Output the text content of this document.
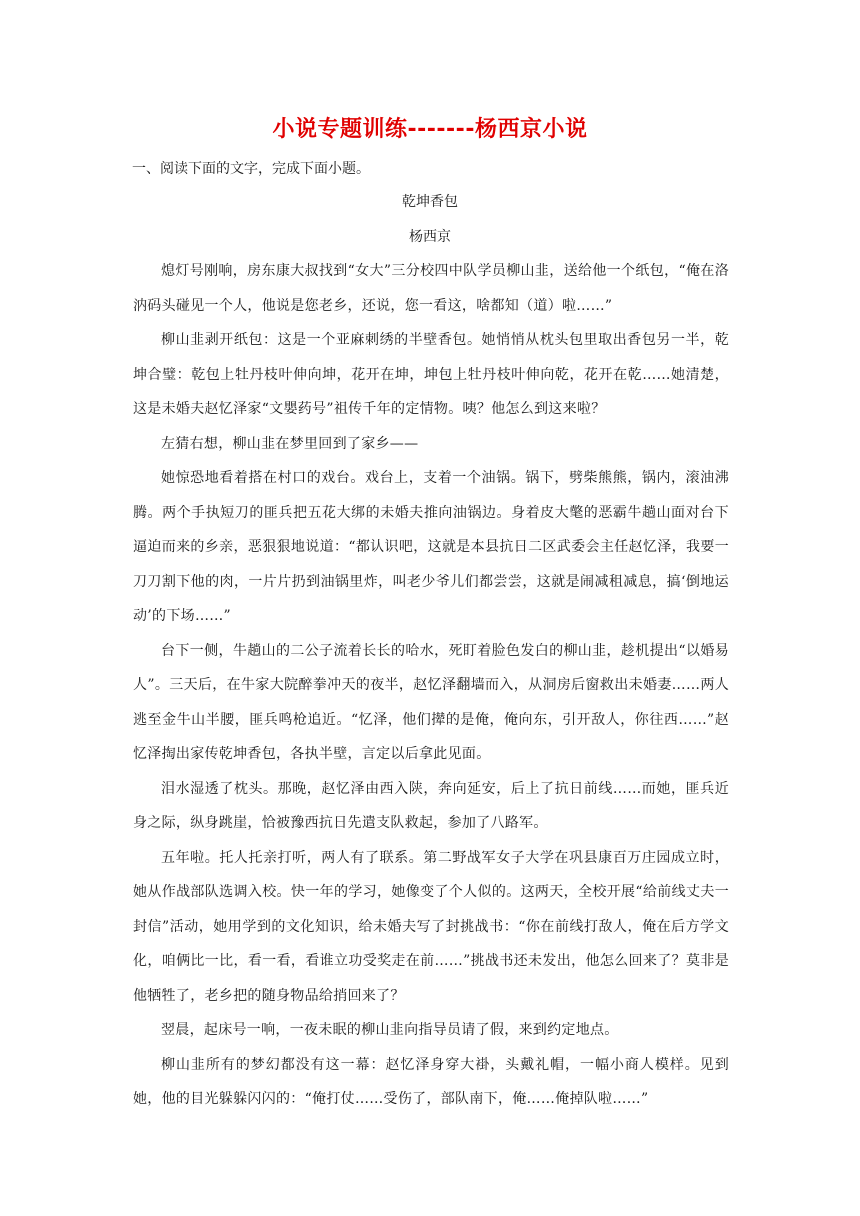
小说专题训练-------杨西京小说

一、阅读下面的文字，完成下面小题。

乾坤香包

杨西京

熄灯号刚响，房东康大叔找到“女大”三分校四中队学员柳山韭，送给他一个纸包，“俺在洛汭码头碰见一个人，他说是您老乡，还说，您一看这，啥都知（道）啦……”

柳山韭剥开纸包：这是一个亚麻刺绣的半壁香包。她悄悄从枕头包里取出香包另一半，乾坤合璧：乾包上牡丹枝叶伸向坤，花开在坤，坤包上牡丹枝叶伸向乾，花开在乾……她清楚，这是未婚夫赵忆泽家“文嬰药号”祖传千年的定情物。咦？他怎么到这来啦？

左猜右想，柳山韭在梦里回到了家乡——

她惊恐地看着搭在村口的戏台。戏台上，支着一个油锅。锅下，劈柴熊熊，锅内，滚油沸腾。两个手执短刀的匪兵把五花大绑的未婚夫推向油锅边。身着皮大氅的恶霸牛趟山面对台下逼迫而来的乡亲，恶狠狠地说道：“都认识吧，这就是本县抗日二区武委会主任赵忆泽，我要一刀刀割下他的肉，一片片扔到油锅里炸，叫老少爷儿们都尝尝，这就是闹减租减息，搞‘倒地运动’的下场……”

台下一侧，牛趟山的二公子流着长长的哈水，死盯着脸色发白的柳山韭，趁机提出“以婚易人”。三天后，在牛家大院醉拳冲天的夜半，赵忆泽翻墙而入，从洞房后窗救出未婚妻……两人逃至金牛山半腰，匪兵鸣枪追近。“忆泽，他们撵的是俺，俺向东，引开敌人，你往西……”赵忆泽掏出家传乾坤香包，各执半壁，言定以后拿此见面。

泪水湿透了枕头。那晚，赵忆泽由西入陕，奔向延安，后上了抗日前线……而她，匪兵近身之际，纵身跳崖，恰被豫西抗日先遣支队救起，参加了八路军。

五年啦。托人托亲打听，两人有了联系。第二野战军女子大学在巩县康百万庄园成立时，她从作战部队选调入校。快一年的学习，她像变了个人似的。这两天，全校开展“给前线丈夫一封信”活动，她用学到的文化知识，给未婚夫写了封挑战书：“你在前线打敌人，俺在后方学文化，咱俩比一比，看一看，看谁立功受奖走在前……”挑战书还未发出，他怎么回来了？莫非是他牺牲了，老乡把的随身物品给捎回来了？

翌晨，起床号一响，一夜未眠的柳山韭向指导员请了假，来到约定地点。

柳山韭所有的梦幻都没有这一幕：赵忆泽身穿大褂，头戴礼帽，一幅小商人模样。见到她，他的目光躲躲闪闪的：“俺打仗……受伤了，部队南下，俺……俺掉队啦……”
